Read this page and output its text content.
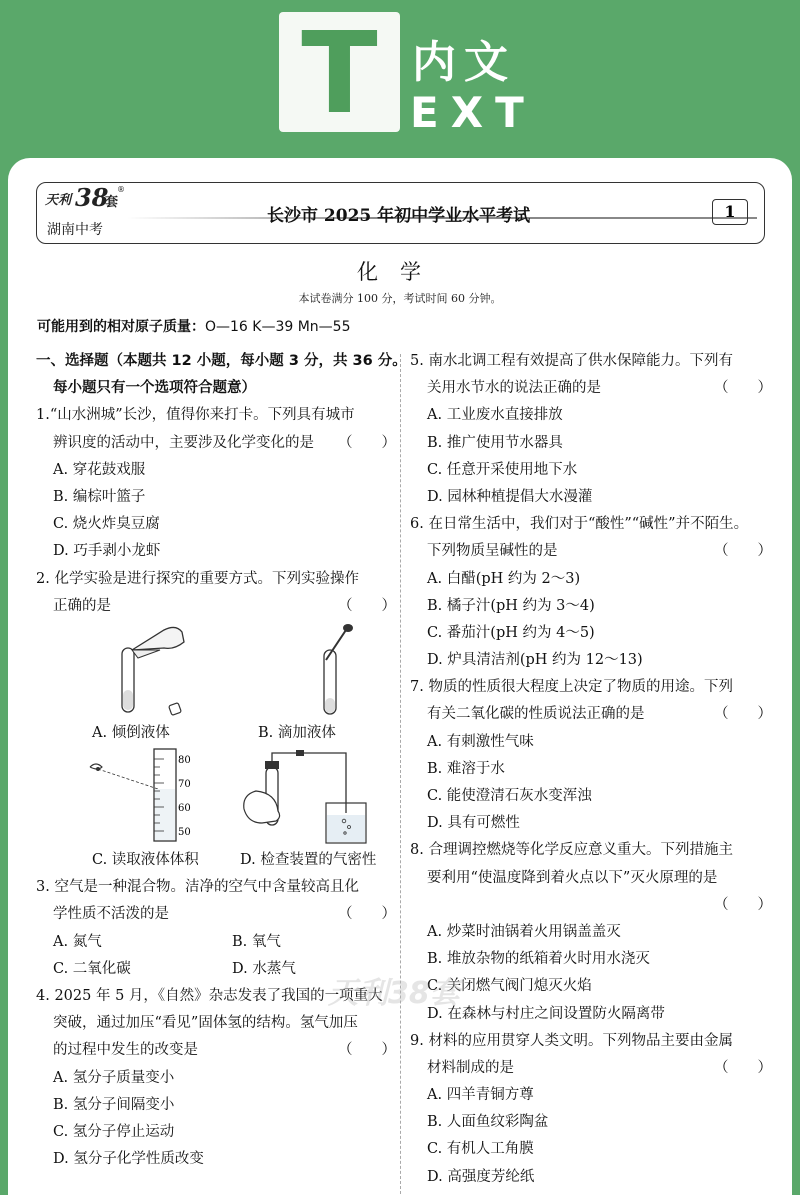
T 内文
EXT
天利 38
套
®
湖南中考
长沙市 2025 年初中学业水平考试	1
化学
本试卷满分 100 分，考试时间 60 分钟。
可能用到的相对原子质量：O—16 K—39 Mn—55
一、选择题（本题共 12 小题，每小题 3 分，共 36 分。
每小题只有一个选项符合题意）
1.“山水洲城”长沙，值得你来打卡。下列具有城市
辨识度的活动中，主要涉及化学变化的是 （　　）
A. 穿花鼓戏服
B. 编棕叶篮子
C. 烧火炸臭豆腐
D. 巧手剥小龙虾
2. 化学实验是进行探究的重要方式。下列实验操作
正确的是	（　　）
A. 倾倒液体	B. 滴加液体
80
70
60
50
C. 读取液体体积	D. 检查装置的气密性
3. 空气是一种混合物。洁净的空气中含量较高且化
学性质不活泼的是	（　　）
A. 氮气	B. 氧气
C. 二氧化碳	D. 水蒸气
4. 2025 年 5 月，《自然》杂志发表了我国的一项重大
突破，通过加压“看见”固体氢的结构。氢气加压
的过程中发生的改变是	（　　）
A. 氢分子质量变小
B. 氢分子间隔变小
C. 氢分子停止运动
D. 氢分子化学性质改变
5. 南水北调工程有效提高了供水保障能力。下列有
关用水节水的说法正确的是	（　　）
A. 工业废水直接排放
B. 推广使用节水器具
C. 任意开采使用地下水
D. 园林种植提倡大水漫灌
6. 在日常生活中，我们对于“酸性”“碱性”并不陌生。
下列物质呈碱性的是	（　　）
A. 白醋(pH 约为 2～3)
B. 橘子汁(pH 约为 3～4)
C. 番茄汁(pH 约为 4～5)
D. 炉具清洁剂(pH 约为 12～13)
7. 物质的性质很大程度上决定了物质的用途。下列
有关二氧化碳的性质说法正确的是	（　　）
A. 有刺激性气味
B. 难溶于水
C. 能使澄清石灰水变浑浊
D. 具有可燃性
8. 合理调控燃烧等化学反应意义重大。下列措施主
要利用“使温度降到着火点以下”灭火原理的是
（　　）
A. 炒菜时油锅着火用锅盖盖灭
B. 堆放杂物的纸箱着火时用水浇灭
C. 关闭燃气阀门熄灭火焰
D. 在森林与村庄之间设置防火隔离带
9. 材料的应用贯穿人类文明。下列物品主要由金属
材料制成的是	（　　）
A. 四羊青铜方尊
B. 人面鱼纹彩陶盆
C. 有机人工角膜
D. 高强度芳纶纸
天利38套
